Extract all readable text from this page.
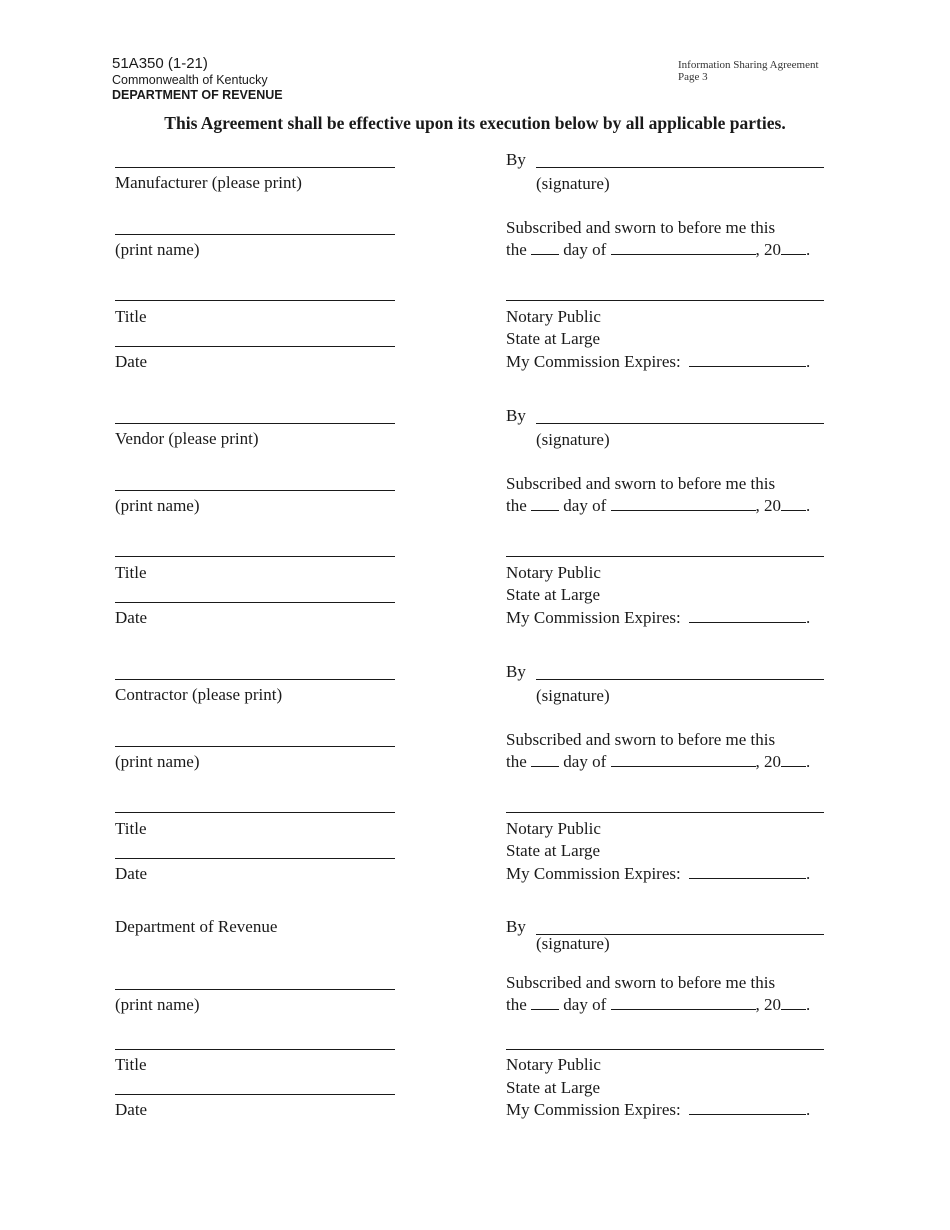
51A350 (1-21)
Commonwealth of Kentucky
DEPARTMENT OF REVENUE
Information Sharing Agreement
Page 3
This Agreement shall be effective upon its execution below by all applicable parties.
Manufacturer (please print)
(print name)
Title
Date
By
(signature)
Subscribed and sworn to before me this
the day of	, 20 .
Notary Public
State at Large
My Commission Expires:	.
Vendor (please print)
(print name)
Title
Date
By
(signature)
Subscribed and sworn to before me this
the day of	, 20 .
Notary Public
State at Large
My Commission Expires:	.
Contractor (please print)
(print name)
Title
Date
By
(signature)
Subscribed and sworn to before me this
the day of	, 20 .
Notary Public
State at Large
My Commission Expires:	.
Department of Revenue
(print name)
Title
Date
By
(signature)
Subscribed and sworn to before me this
the day of	, 20 .
Notary Public
State at Large
My Commission Expires:	.
